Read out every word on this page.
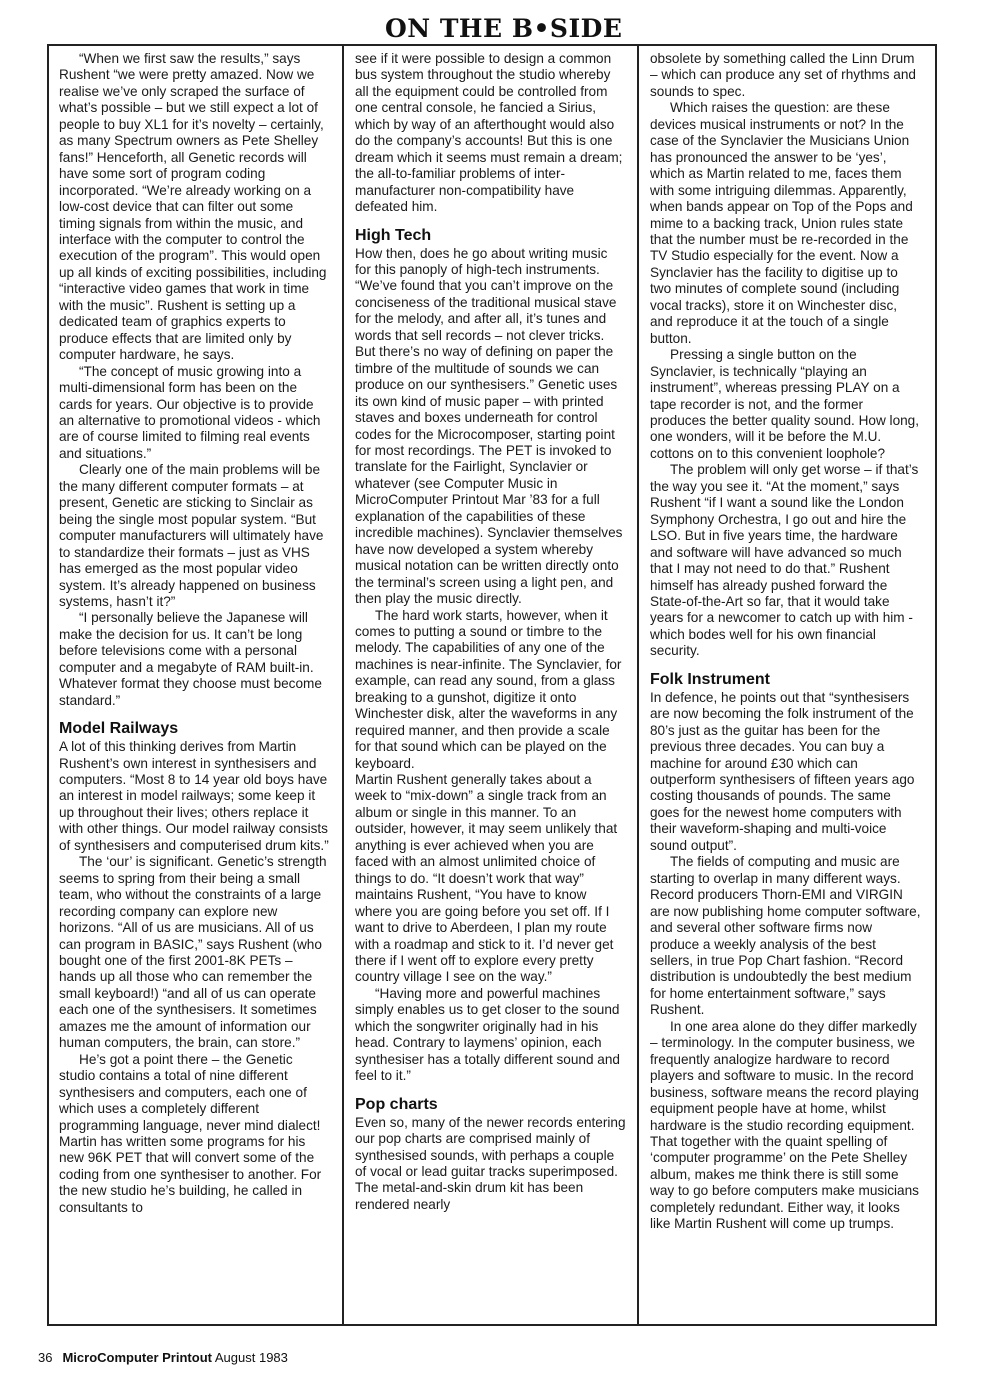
ON THE B•SIDE

“When we first saw the results,” says Rushent “we were pretty amazed. Now we realise we’ve only scraped the surface of what’s possible – but we still expect a lot of people to buy XL1 for it’s novelty – certainly, as many Spectrum owners as Pete Shelley fans!” Henceforth, all Genetic records will have some sort of program coding incorporated. “We’re already working on a low-cost device that can filter out some timing signals from within the music, and interface with the computer to control the execution of the program”. This would open up all kinds of exciting possibilities, including “interactive video games that work in time with the music”. Rushent is setting up a dedicated team of graphics experts to produce effects that are limited only by computer hardware, he says.

“The concept of music growing into a multi-dimensional form has been on the cards for years. Our objective is to provide an alternative to promotional videos - which are of course limited to filming real events and situations.”

Clearly one of the main problems will be the many different computer formats – at present, Genetic are sticking to Sinclair as being the single most popular system. “But computer manufacturers will ultimately have to standardize their formats – just as VHS has emerged as the most popular video system. It’s already happened on business systems, hasn’t it?”

“I personally believe the Japanese will make the decision for us. It can’t be long before televisions come with a personal computer and a megabyte of RAM built-in. Whatever format they choose must become standard.”

Model Railways

A lot of this thinking derives from Martin Rushent’s own interest in synthesisers and computers. “Most 8 to 14 year old boys have an interest in model railways; some keep it up throughout their lives; others replace it with other things. Our model railway consists of synthesisers and computerised drum kits.”

The ‘our’ is significant. Genetic’s strength seems to spring from their being a small team, who without the constraints of a large recording company can explore new horizons. “All of us are musicians. All of us can program in BASIC,” says Rushent (who bought one of the first 2001-8K PETs – hands up all those who can remember the small keyboard!) “and all of us can operate each one of the synthesisers. It sometimes amazes me the amount of information our human computers, the brain, can store.”

He’s got a point there – the Genetic studio contains a total of nine different synthesisers and computers, each one of which uses a completely different programming language, never mind dialect! Martin has written some programs for his new 96K PET that will convert some of the coding from one synthesiser to another. For the new studio he’s building, he called in consultants to

see if it were possible to design a common bus system throughout the studio whereby all the equipment could be controlled from one central console, he fancied a Sirius, which by way of an afterthought would also do the company’s accounts! But this is one dream which it seems must remain a dream; the all-to-familiar problems of inter-manufacturer non-compatibility have defeated him.

High Tech

How then, does he go about writing music for this panoply of high-tech instruments. “We’ve found that you can’t improve on the conciseness of the traditional musical stave for the melody, and after all, it’s tunes and words that sell records – not clever tricks. But there’s no way of defining on paper the timbre of the multitude of sounds we can produce on our synthesisers.” Genetic uses its own kind of music paper – with printed staves and boxes underneath for control codes for the Microcomposer, starting point for most recordings. The PET is invoked to translate for the Fairlight, Synclavier or whatever (see Computer Music in MicroComputer Printout Mar ’83 for a full explanation of the capabilities of these incredible machines). Synclavier themselves have now developed a system whereby musical notation can be written directly onto the terminal’s screen using a light pen, and then play the music directly.

The hard work starts, however, when it comes to putting a sound or timbre to the melody. The capabilities of any one of the machines is near-infinite. The Synclavier, for example, can read any sound, from a glass breaking to a gunshot, digitize it onto Winchester disk, alter the waveforms in any required manner, and then provide a scale for that sound which can be played on the keyboard.

Martin Rushent generally takes about a week to “mix-down” a single track from an album or single in this manner. To an outsider, however, it may seem unlikely that anything is ever achieved when you are faced with an almost unlimited choice of things to do. “It doesn’t work that way” maintains Rushent, “You have to know where you are going before you set off. If I want to drive to Aberdeen, I plan my route with a roadmap and stick to it. I’d never get there if I went off to explore every pretty country village I see on the way.”

“Having more and powerful machines simply enables us to get closer to the sound which the songwriter originally had in his head. Contrary to laymens’ opinion, each synthesiser has a totally different sound and feel to it.”

Pop charts

Even so, many of the newer records entering our pop charts are comprised mainly of synthesised sounds, with perhaps a couple of vocal or lead guitar tracks superimposed. The metal-and-skin drum kit has been rendered nearly

obsolete by something called the Linn Drum – which can produce any set of rhythms and sounds to spec.

Which raises the question: are these devices musical instruments or not? In the case of the Synclavier the Musicians Union has pronounced the answer to be ‘yes’, which as Martin related to me, faces them with some intriguing dilemmas. Apparently, when bands appear on Top of the Pops and mime to a backing track, Union rules state that the number must be re-recorded in the TV Studio especially for the event. Now a Synclavier has the facility to digitise up to two minutes of complete sound (including vocal tracks), store it on Winchester disc, and reproduce it at the touch of a single button.

Pressing a single button on the Synclavier, is technically “playing an instrument”, whereas pressing PLAY on a tape recorder is not, and the former produces the better quality sound. How long, one wonders, will it be before the M.U. cottons on to this convenient loophole?

The problem will only get worse – if that’s the way you see it. “At the moment,” says Rushent “if I want a sound like the London Symphony Orchestra, I go out and hire the LSO. But in five years time, the hardware and software will have advanced so much that I may not need to do that.” Rushent himself has already pushed forward the State-of-the-Art so far, that it would take years for a newcomer to catch up with him - which bodes well for his own financial security.

Folk Instrument

In defence, he points out that “synthesisers are now becoming the folk instrument of the 80’s just as the guitar has been for the previous three decades. You can buy a machine for around £30 which can outperform synthesisers of fifteen years ago costing thousands of pounds. The same goes for the newest home computers with their waveform-shaping and multi-voice sound output”.

The fields of computing and music are starting to overlap in many different ways. Record producers Thorn-EMI and VIRGIN are now publishing home computer software, and several other software firms now produce a weekly analysis of the best sellers, in true Pop Chart fashion. “Record distribution is undoubtedly the best medium for home entertainment software,” says Rushent.

In one area alone do they differ markedly – terminology. In the computer business, we frequently analogize hardware to record players and software to music. In the record business, software means the record playing equipment people have at home, whilst hardware is the studio recording equipment. That together with the quaint spelling of ‘computer programme’ on the Pete Shelley album, makes me think there is still some way to go before computers make musicians completely redundant. Either way, it looks like Martin Rushent will come up trumps.

36 MicroComputer Printout August 1983
